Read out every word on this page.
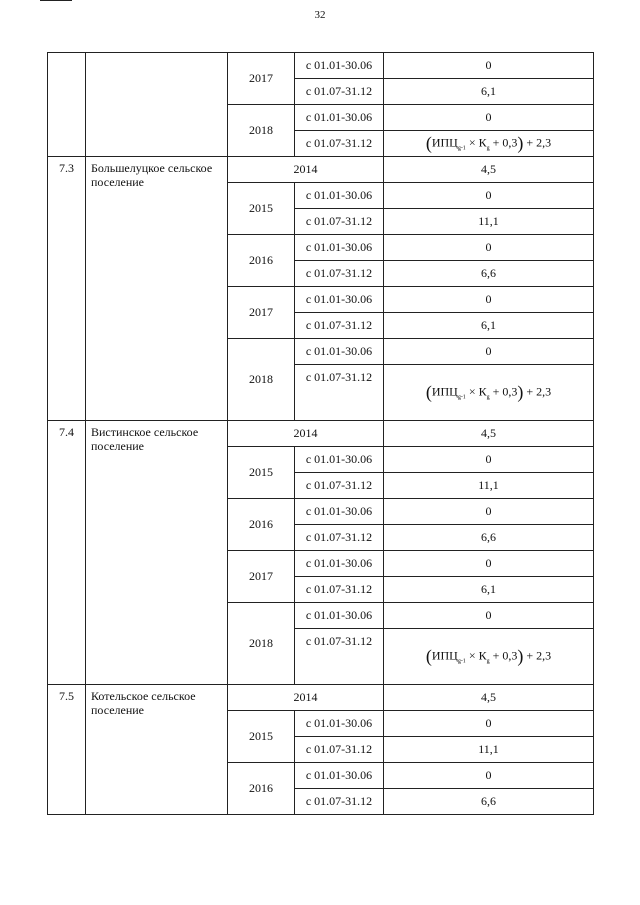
32
		2017	с 01.01-30.06	0
			с 01.07-31.12	6,1
		2018	с 01.01-30.06	0
			с 01.07-31.12	$(ИПЦ_{g-1} \times К_g + 0,3) + 2,3$
7.3	Большелуцкое сельское поселение	2014		4,5
		2015	с 01.01-30.06	0
			с 01.07-31.12	11,1
		2016	с 01.01-30.06	0
			с 01.07-31.12	6,6
		2017	с 01.01-30.06	0
			с 01.07-31.12	6,1
		2018	с 01.01-30.06	0
			с 01.07-31.12	$(ИПЦ_{g-1} \times К_g + 0,3) + 2,3$
7.4	Вистинское сельское поселение	2014		4,5
		2015	с 01.01-30.06	0
			с 01.07-31.12	11,1
		2016	с 01.01-30.06	0
			с 01.07-31.12	6,6
		2017	с 01.01-30.06	0
			с 01.07-31.12	6,1
		2018	с 01.01-30.06	0
			с 01.07-31.12	$(ИПЦ_{g-1} \times К_g + 0,3) + 2,3$
7.5	Котельское сельское поселение	2014		4,5
		2015	с 01.01-30.06	0
			с 01.07-31.12	11,1
		2016	с 01.01-30.06	0
			с 01.07-31.12	6,6
